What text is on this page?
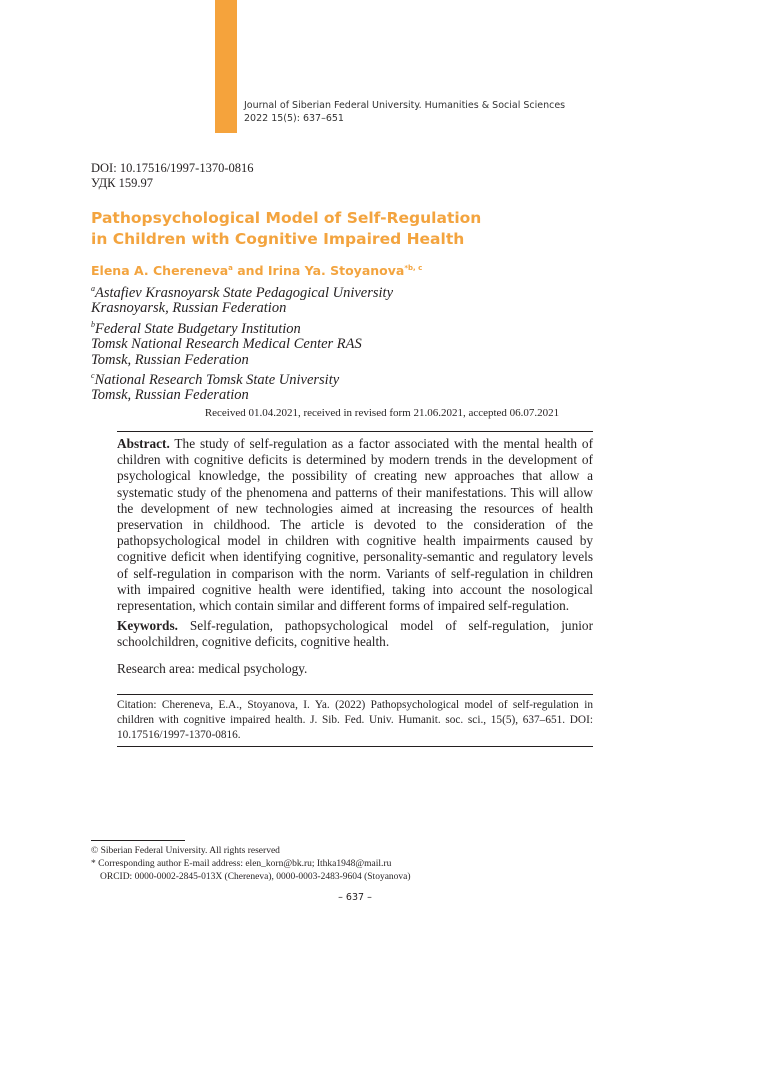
Journal of Siberian Federal University. Humanities & Social Sciences
2022 15(5): 637–651
DOI: 10.17516/1997-1370-0816
УДК 159.97
Pathopsychological Model of Self-Regulation
in Children with Cognitive Impaired Health
Elena A. Chereneva$^a$ and Irina Ya. Stoyanova$^{*b, c}$
$^a$Astafiev Krasnoyarsk State Pedagogical University
Krasnoyarsk, Russian Federation
$^b$Federal State Budgetary Institution
Tomsk National Research Medical Center RAS
Tomsk, Russian Federation
$^c$National Research Tomsk State University
Tomsk, Russian Federation
Received 01.04.2021, received in revised form 21.06.2021, accepted 06.07.2021
Abstract. The study of self-regulation as a factor associated with the mental health of children with cognitive deficits is determined by modern trends in the development of psychological knowledge, the possibility of creating new approaches that allow a systematic study of the phenomena and patterns of their manifestations. This will allow the development of new technologies aimed at increasing the resources of health preservation in childhood. The article is devoted to the consideration of the pathopsychological model in children with cognitive health impairments caused by cognitive deficit when identifying cognitive, personality-semantic and regulatory levels of self-regulation in comparison with the norm. Variants of self-regulation in children with impaired cognitive health were identified, taking into account the nosological representation, which contain similar and different forms of impaired self-regulation.
Keywords. Self-regulation, pathopsychological model of self-regulation, junior schoolchildren, cognitive deficits, cognitive health.
Research area: medical psychology.
Citation: Chereneva, E.A., Stoyanova, I. Ya. (2022) Pathopsychological model of self-regulation in children with cognitive impaired health. J. Sib. Fed. Univ. Humanit. soc. sci., 15(5), 637–651. DOI: 10.17516/1997-1370-0816.
© Siberian Federal University. All rights reserved
* Corresponding author E-mail address: elen_korn@bk.ru; Ithka1948@mail.ru
ORCID: 0000-0002-2845-013X (Chereneva), 0000-0003-2483-9604 (Stoyanova)
– 637 –
